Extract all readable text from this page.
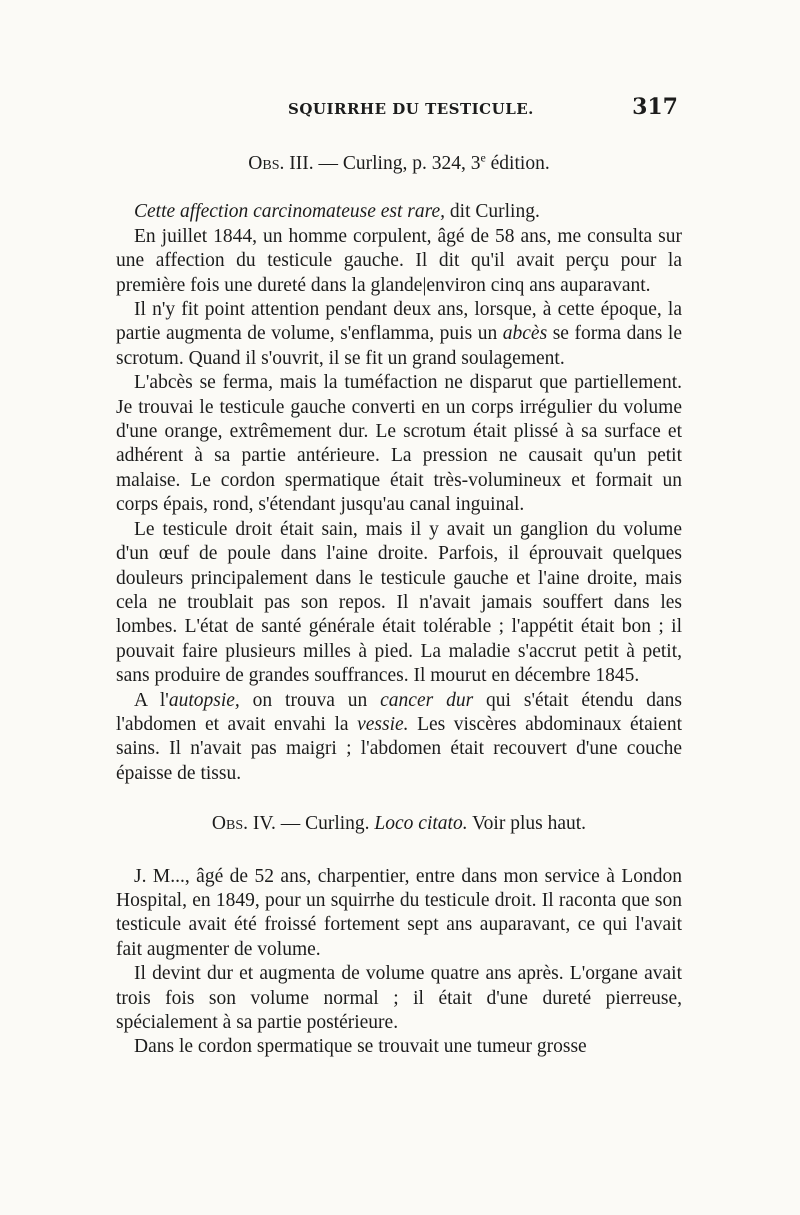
SQUIRRHE DU TESTICULE.	317
Obs. III. — Curling, p. 324, 3e édition.

Cette affection carcinomateuse est rare, dit Curling.

En juillet 1844, un homme corpulent, âgé de 58 ans, me consulta sur une affection du testicule gauche. Il dit qu'il avait perçu pour la première fois une dureté dans la glande|environ cinq ans auparavant.

Il n'y fit point attention pendant deux ans, lorsque, à cette époque, la partie augmenta de volume, s'enflamma, puis un abcès se forma dans le scrotum. Quand il s'ouvrit, il se fit un grand soulagement.

L'abcès se ferma, mais la tuméfaction ne disparut que partiellement. Je trouvai le testicule gauche converti en un corps irrégulier du volume d'une orange, extrêmement dur. Le scrotum était plissé à sa surface et adhérent à sa partie antérieure. La pression ne causait qu'un petit malaise. Le cordon spermatique était très-volumineux et formait un corps épais, rond, s'étendant jusqu'au canal inguinal.

Le testicule droit était sain, mais il y avait un ganglion du volume d'un œuf de poule dans l'aine droite. Parfois, il éprouvait quelques douleurs principalement dans le testicule gauche et l'aine droite, mais cela ne troublait pas son repos. Il n'avait jamais souffert dans les lombes. L'état de santé générale était tolérable ; l'appétit était bon ; il pouvait faire plusieurs milles à pied. La maladie s'accrut petit à petit, sans produire de grandes souffrances. Il mourut en décembre 1845.

A l'autopsie, on trouva un cancer dur qui s'était étendu dans l'abdomen et avait envahi la vessie. Les viscères abdominaux étaient sains. Il n'avait pas maigri ; l'abdomen était recouvert d'une couche épaisse de tissu.

Obs. IV. — Curling. Loco citato. Voir plus haut.

J. M..., âgé de 52 ans, charpentier, entre dans mon service à London Hospital, en 1849, pour un squirrhe du testicule droit. Il raconta que son testicule avait été froissé fortement sept ans auparavant, ce qui l'avait fait augmenter de volume.

Il devint dur et augmenta de volume quatre ans après. L'organe avait trois fois son volume normal ; il était d'une dureté pierreuse, spécialement à sa partie postérieure.

Dans le cordon spermatique se trouvait une tumeur grosse
